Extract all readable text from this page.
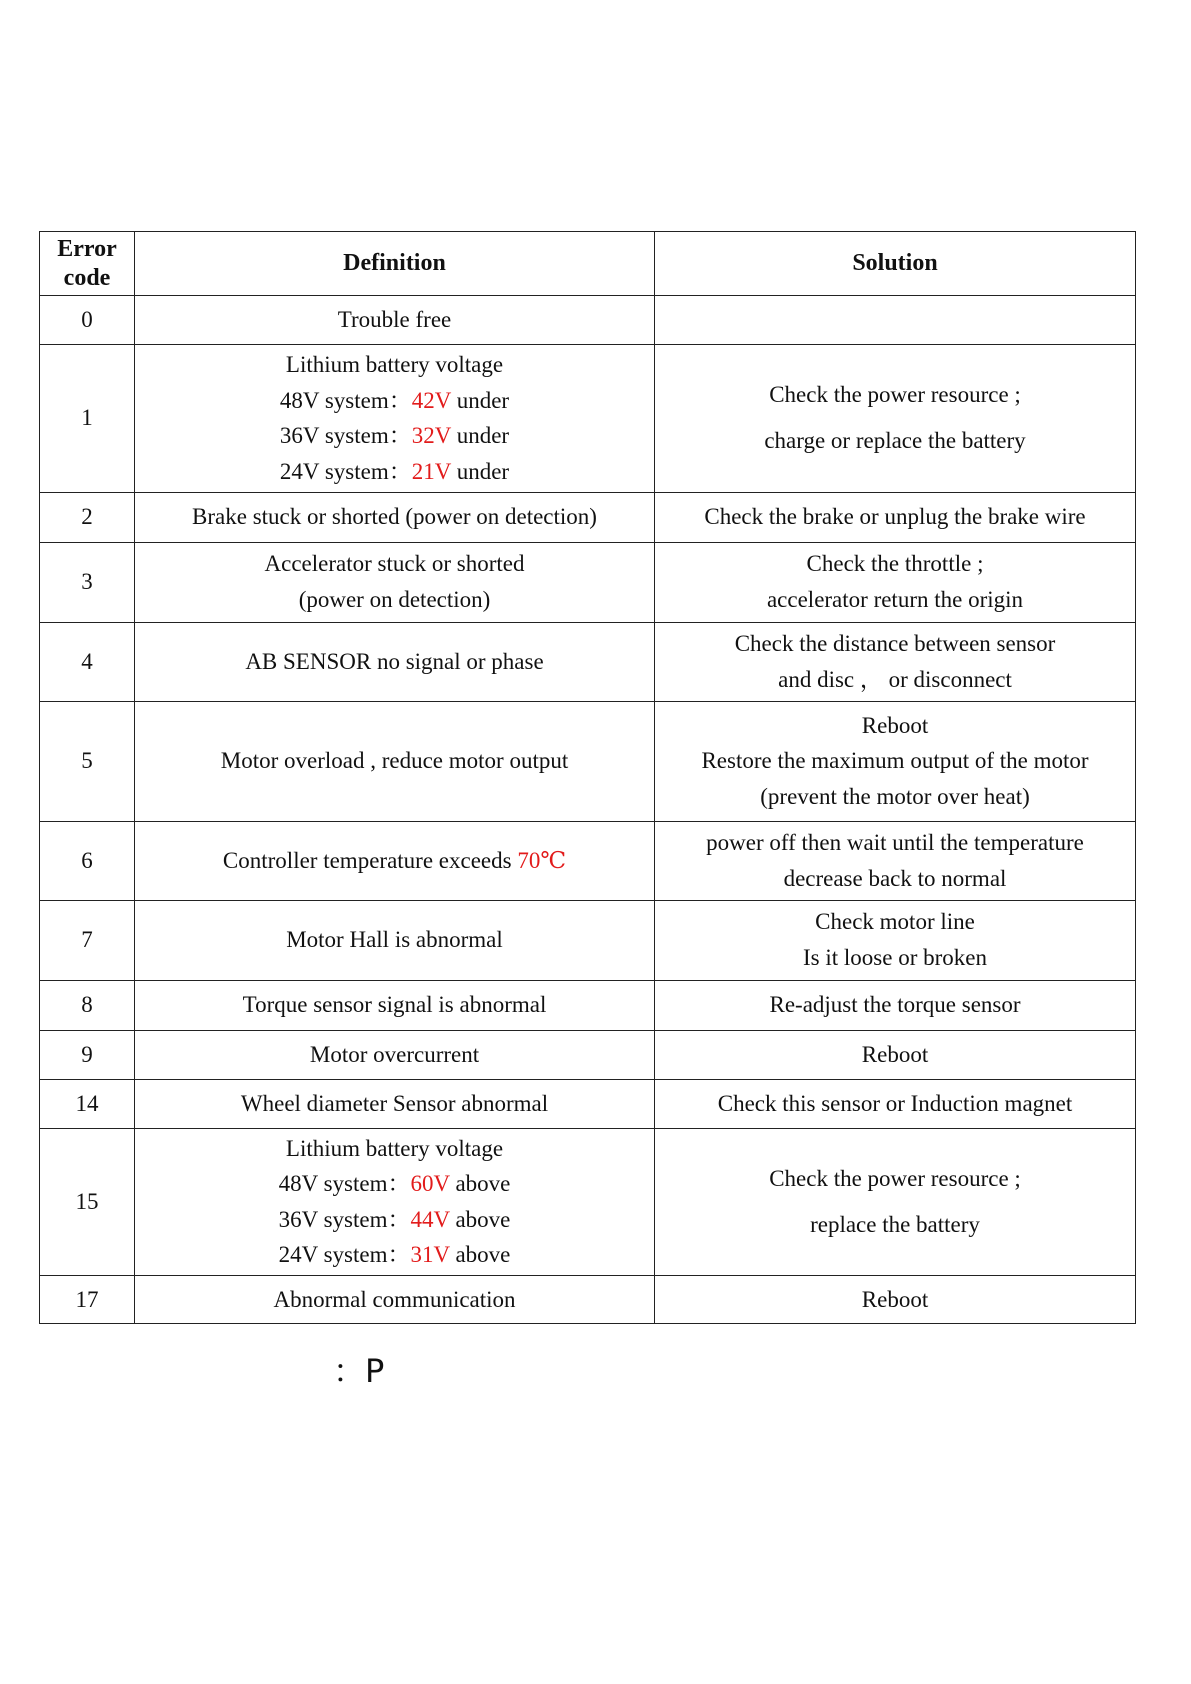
Error code	Definition	Solution
0	Trouble free	
1	Lithium battery voltage
48V system：42V under
36V system：32V under
24V system：21V under	Check the power resource ;
charge or replace the battery

2	Brake stuck or shorted (power on detection)	Check the brake or unplug the brake wire
3	Accelerator stuck or shorted
(power on detection)	Check the throttle ;
accelerator return the origin

4	AB SENSOR no signal or phase	Check the distance between sensor
and disc ， or disconnect

5	Motor overload , reduce motor output	Reboot
Restore the maximum output of the motor
(prevent the motor over heat)

6	Controller temperature exceeds 70℃	power off then wait until the temperature
decrease back to normal

7	Motor Hall is abnormal	Check motor line
Is it loose or broken

8	Torque sensor signal is abnormal	Re-adjust the torque sensor
9	Motor overcurrent	Reboot
14	Wheel diameter Sensor abnormal	Check this sensor or Induction magnet
15	Lithium battery voltage
48V system：60V above
36V system：44V above
24V system：31V above	Check the power resource ;
replace the battery

17	Abnormal communication	Reboot
：P
